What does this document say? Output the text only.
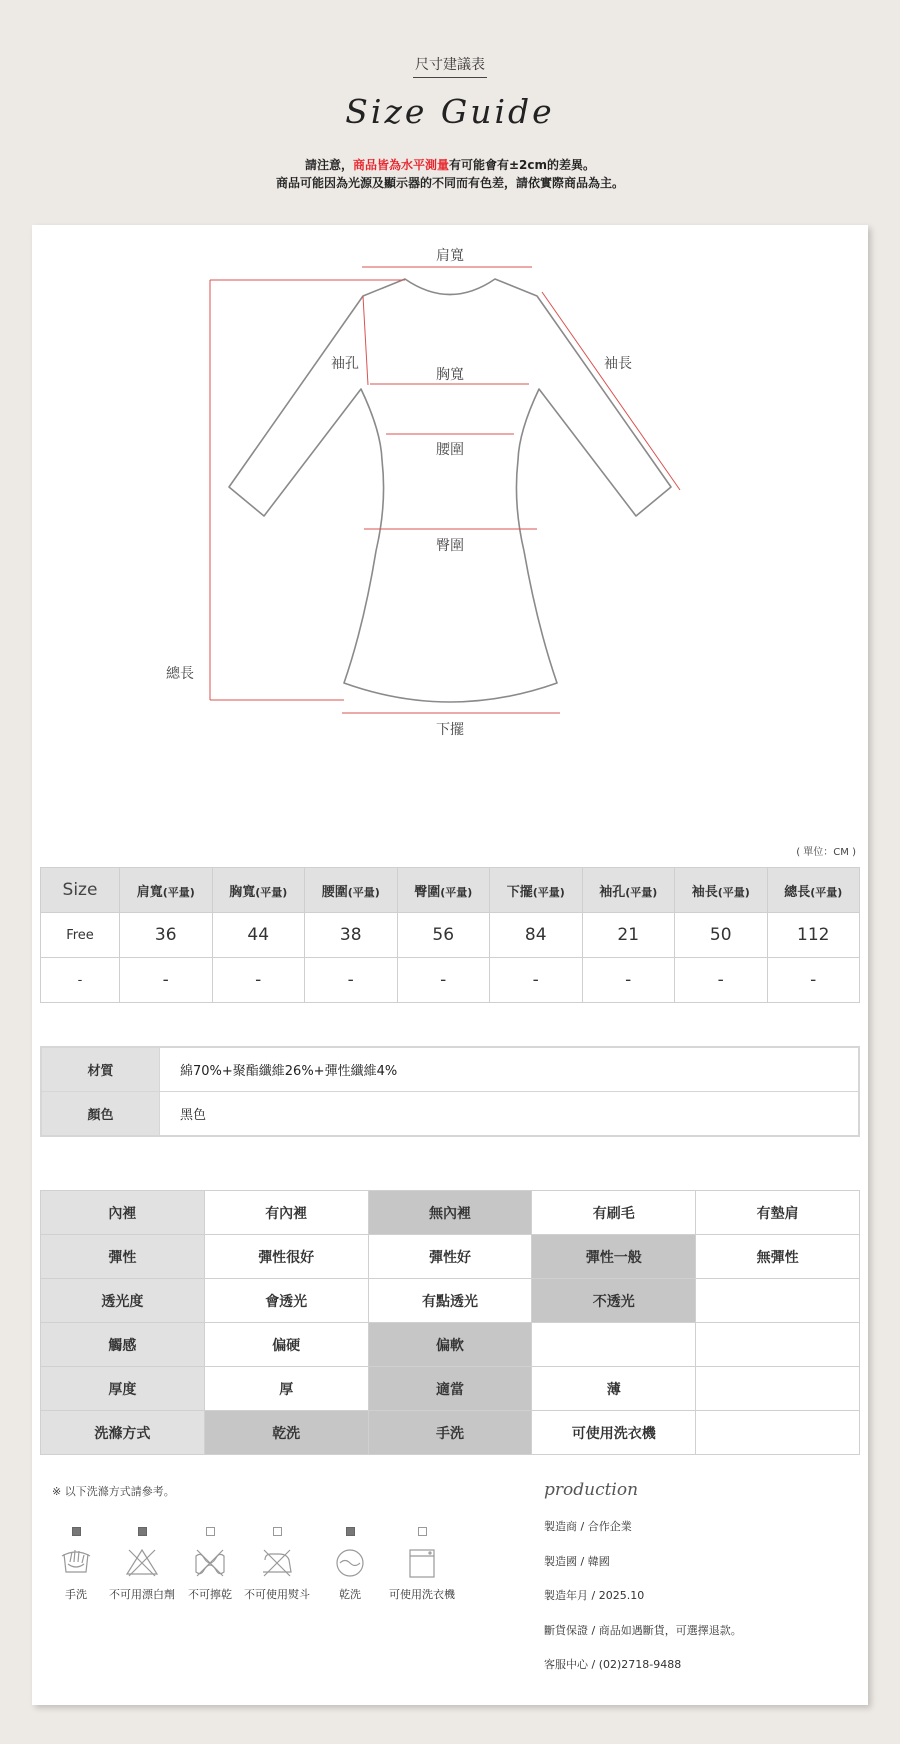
尺寸建議表
Size Guide
請注意，商品皆為水平測量有可能會有±2cm的差異。
商品可能因為光源及顯示器的不同而有色差，請依實際商品為主。
肩寬
袖孔	袖長
胸寬
腰圍
臀圍
總長
下擺
( 單位：CM )
Size	肩寬(平量)	胸寬(平量)	腰圍(平量)	臀圍(平量)	下擺(平量)	袖孔(平量)	袖長(平量)	總長(平量)
Free	36	44	38	56	84	21	50	112
-	-	-	-	-	-	-	-	-
材質	綿70%+聚酯纖維26%+彈性纖維4%
顏色	黑色
內裡	有內裡	無內裡	有刷毛	有墊肩
彈性	彈性很好	彈性好	彈性一般	無彈性
透光度	會透光	有點透光	不透光	
觸感	偏硬	偏軟		
厚度	厚	適當	薄	
洗滌方式	乾洗	手洗	可使用洗衣機	
※ 以下洗滌方式請參考。
手洗	不可用漂白劑	不可擰乾	不可使用熨斗	乾洗	可使用洗衣機
production
製造商 / 合作企業
製造國 / 韓國
製造年月 / 2025.10
斷貨保證 / 商品如遇斷貨，可選擇退款。
客服中心 / (02)2718-9488
